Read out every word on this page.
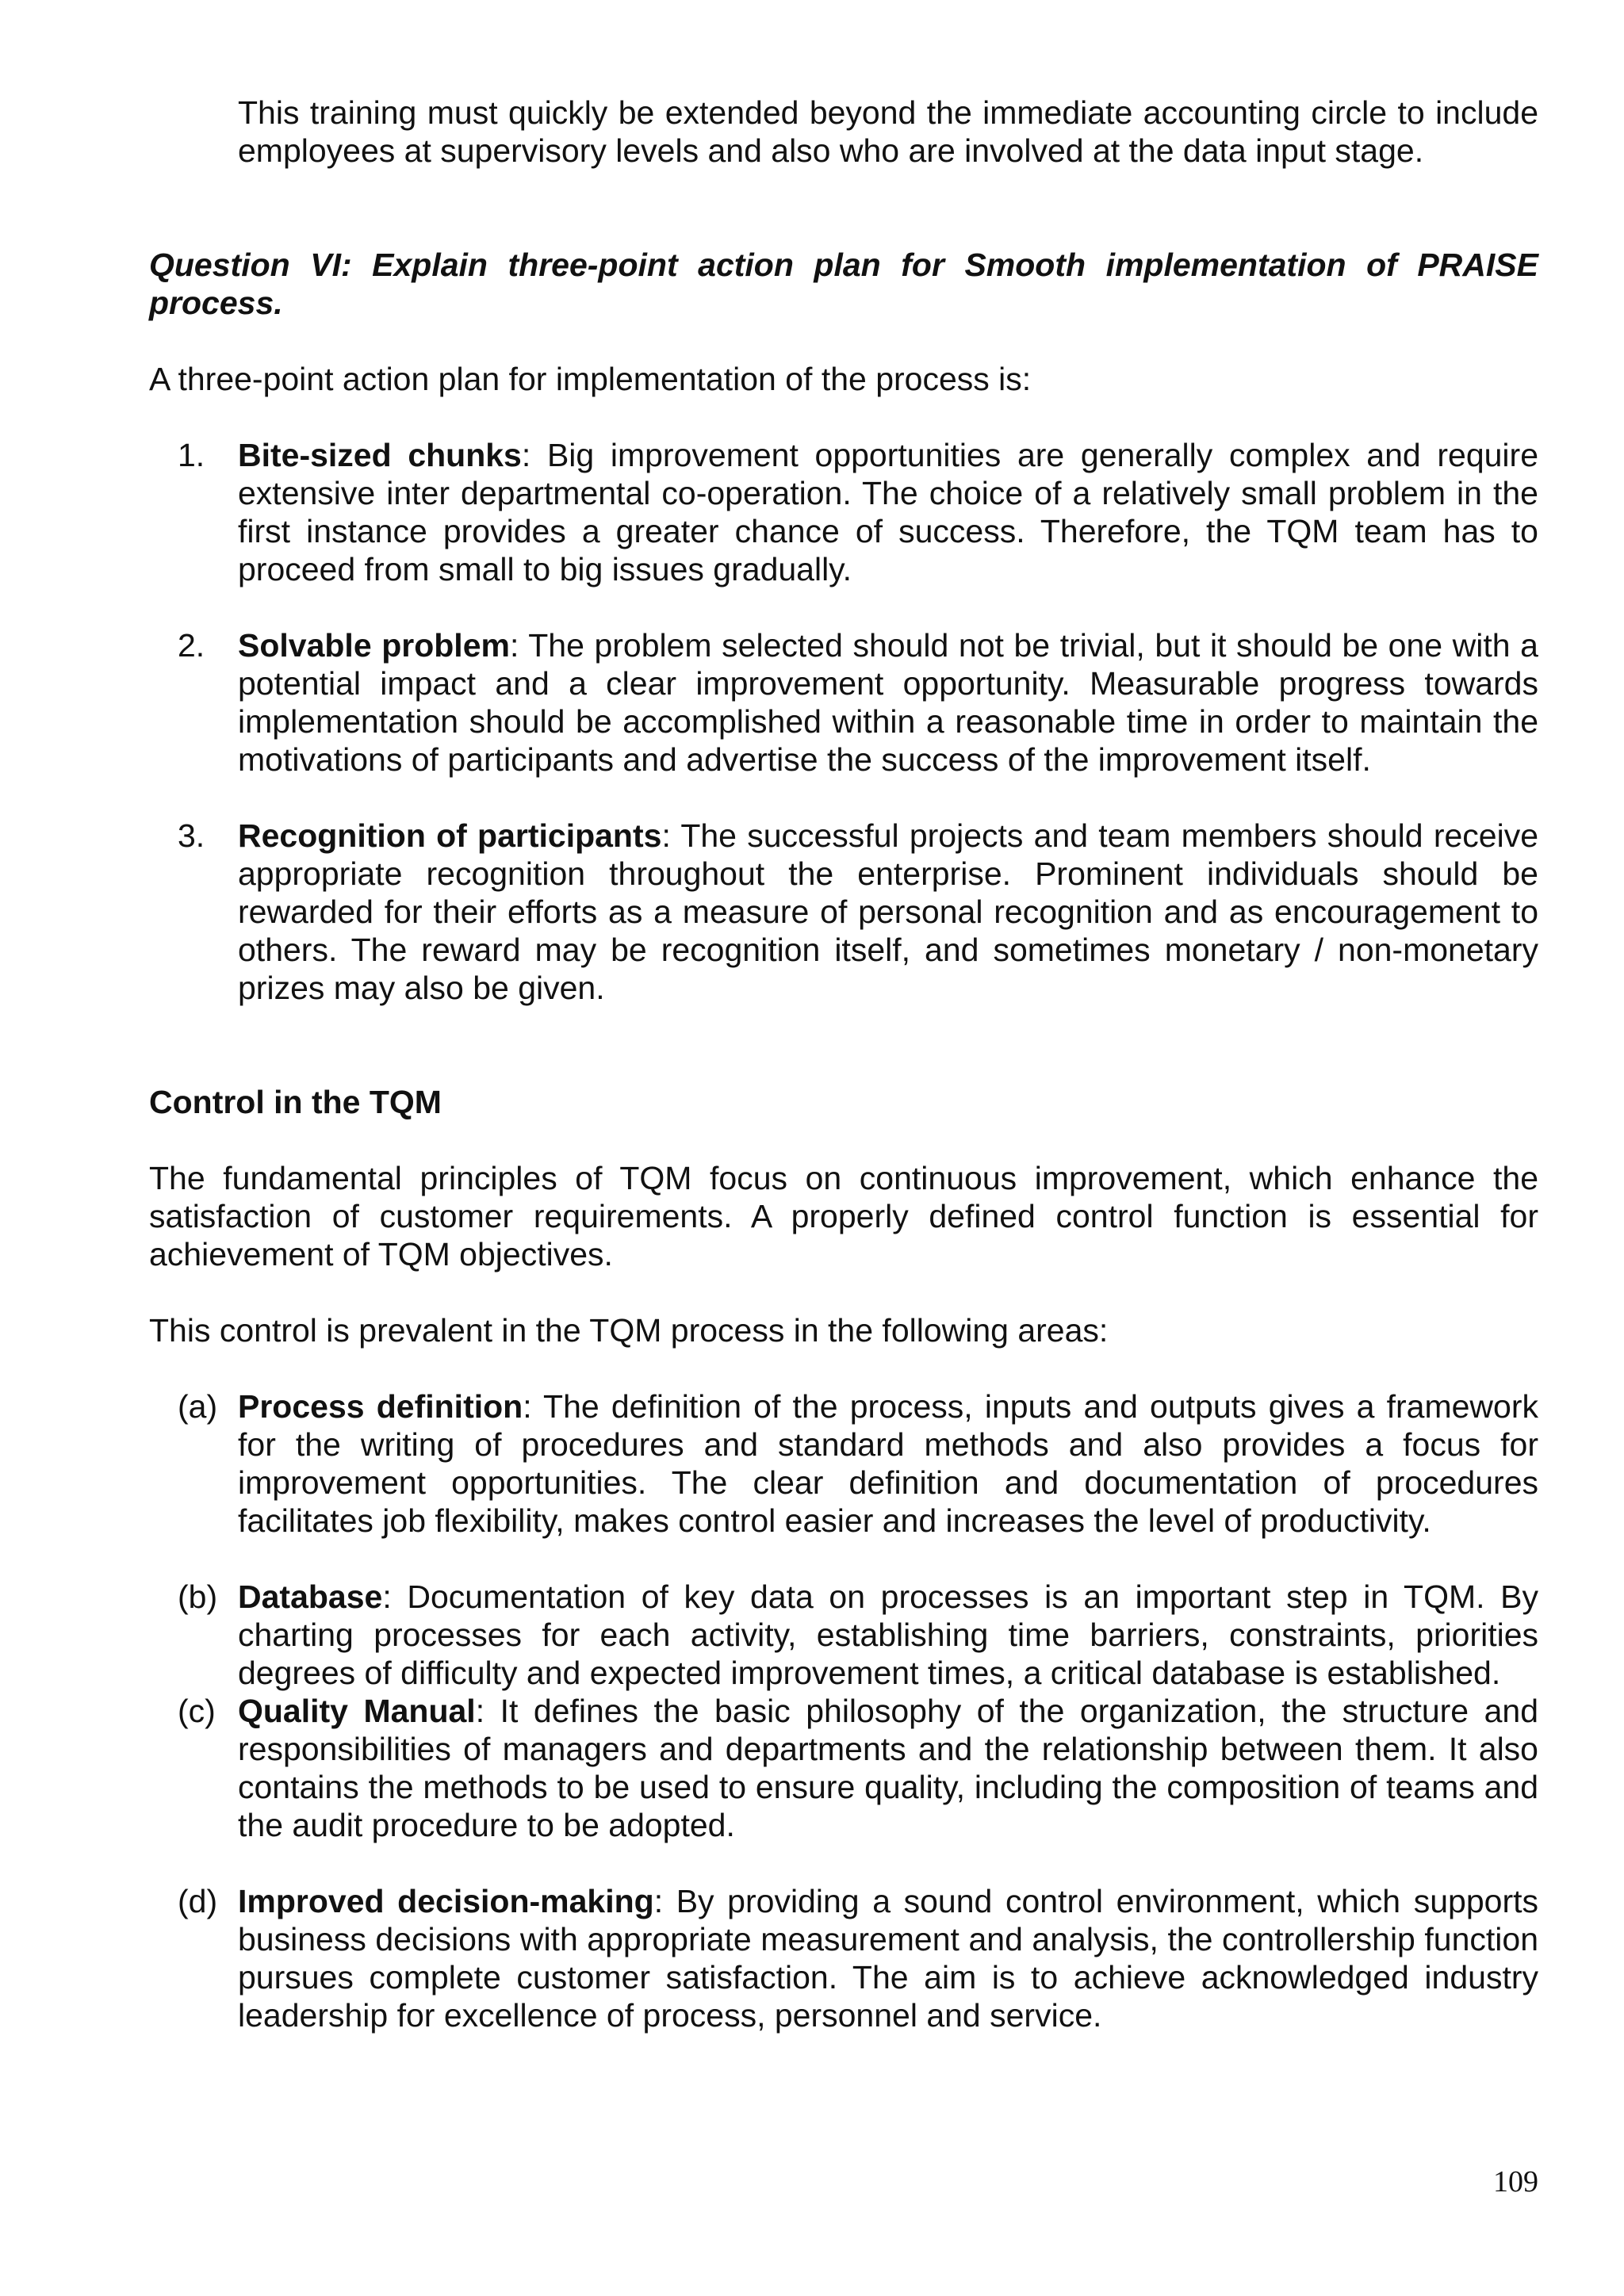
This training must quickly be extended beyond the immediate accounting circle to include employees at supervisory levels and also who are involved at the data input stage.

Question VI: Explain three-point action plan for Smooth implementation of PRAISE process.

A three-point action plan for implementation of the process is:

1. Bite-sized chunks: Big improvement opportunities are generally complex and require extensive inter departmental co-operation. The choice of a relatively small problem in the first instance provides a greater chance of success. Therefore, the TQM team has to proceed from small to big issues gradually.
2. Solvable problem: The problem selected should not be trivial, but it should be one with a potential impact and a clear improvement opportunity. Measurable progress towards implementation should be accomplished within a reasonable time in order to maintain the motivations of participants and advertise the success of the improvement itself.
3. Recognition of participants: The successful projects and team members should receive appropriate recognition throughout the enterprise. Prominent individuals should be rewarded for their efforts as a measure of personal recognition and as encouragement to others. The reward may be recognition itself, and sometimes monetary / non-monetary prizes may also be given.

Control in the TQM

The fundamental principles of TQM focus on continuous improvement, which enhance the satisfaction of customer requirements. A properly defined control function is essential for achievement of TQM objectives.

This control is prevalent in the TQM process in the following areas:

(a) Process definition: The definition of the process, inputs and outputs gives a framework for the writing of procedures and standard methods and also provides a focus for improvement opportunities. The clear definition and documentation of procedures facilitates job flexibility, makes control easier and increases the level of productivity.
(b) Database: Documentation of key data on processes is an important step in TQM. By charting processes for each activity, establishing time barriers, constraints, priorities degrees of difficulty and expected improvement times, a critical database is established.
(c) Quality Manual: It defines the basic philosophy of the organization, the structure and responsibilities of managers and departments and the relationship between them. It also contains the methods to be used to ensure quality, including the composition of teams and the audit procedure to be adopted.
(d) Improved decision-making: By providing a sound control environment, which supports business decisions with appropriate measurement and analysis, the controllership function pursues complete customer satisfaction. The aim is to achieve acknowledged industry leadership for excellence of process, personnel and service.
109
